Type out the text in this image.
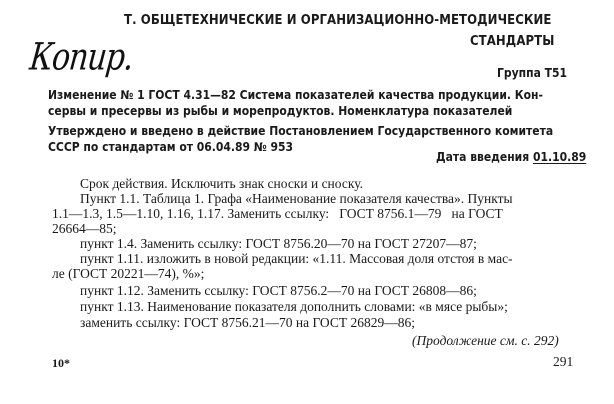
Т. ОБЩЕТЕХНИЧЕСКИЕ И ОРГАНИЗАЦИОННО-МЕТОДИЧЕСКИЕ
СТАНДАРТЫ
Копир.	Группа Т51
Изменение № 1 ГОСТ 4.31—82 Система показателей качества продукции. Кон-
сервы и пресервы из рыбы и морепродуктов. Номенклатура показателей
Утверждено и введено в действие Постановлением Государственного комитета
СССР по стандартам от 06.04.89 № 953
Дата введения 01.10.89
Срок действия. Исключить знак сноски и сноску.
Пункт 1.1. Таблица 1. Графа «Наименование показателя качества». Пункты
1.1—1.3, 1.5—1.10, 1.16, 1.17. Заменить ссылку:   ГОСТ 8756.1—79   на ГОСТ
26664—85;
пункт 1.4. Заменить ссылку: ГОСТ 8756.20—70 на ГОСТ 27207—87;
пункт 1.11. изложить в новой редакции: «1.11. Массовая доля отстоя в мас-
ле (ГОСТ 20221—74), %»;
пункт 1.12. Заменить ссылку: ГОСТ 8756.2—70 на ГОСТ 26808—86;
пункт 1.13. Наименование показателя дополнить словами: «в мясе рыбы»;
заменить ссылку: ГОСТ 8756.21—70 на ГОСТ 26829—86;
(Продолжение см. с. 292)
10*	291
